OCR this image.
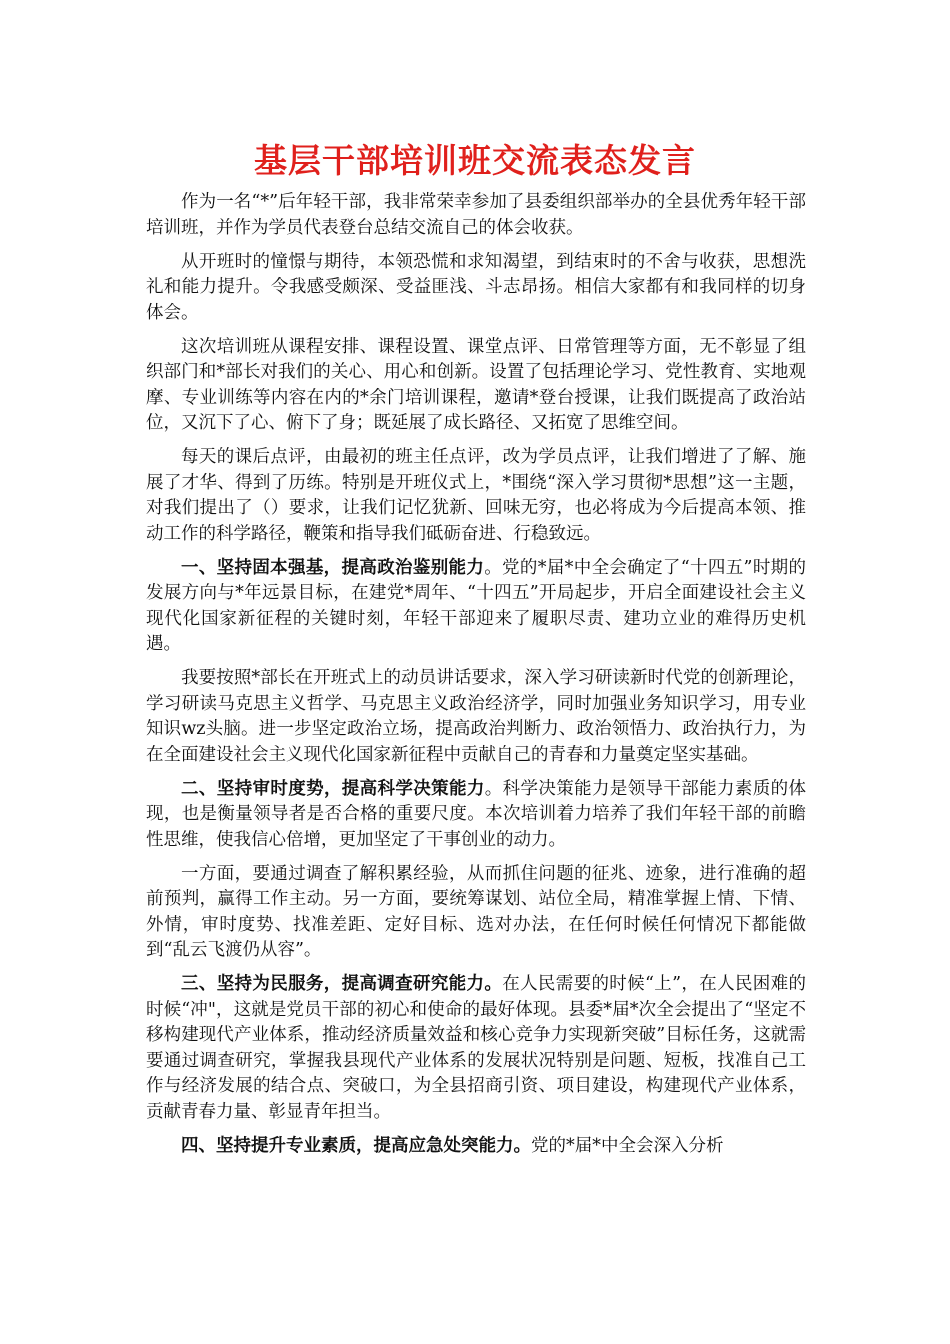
基层干部培训班交流表态发言

作为一名“*”后年轻干部，我非常荣幸参加了县委组织部举办的全县优秀年轻干部培训班，并作为学员代表登台总结交流自己的体会收获。

从开班时的憧憬与期待，本领恐慌和求知渴望，到结束时的不舍与收获，思想洗礼和能力提升。令我感受颇深、受益匪浅、斗志昂扬。相信大家都有和我同样的切身体会。

这次培训班从课程安排、课程设置、课堂点评、日常管理等方面，无不彰显了组织部门和*部长对我们的关心、用心和创新。设置了包括理论学习、党性教育、实地观摩、专业训练等内容在内的*余门培训课程，邀请*登台授课，让我们既提高了政治站位，又沉下了心、俯下了身；既延展了成长路径、又拓宽了思维空间。

每天的课后点评，由最初的班主任点评，改为学员点评，让我们增进了了解、施展了才华、得到了历练。特别是开班仪式上，*围绕“深入学习贯彻*思想”这一主题，对我们提出了（）要求，让我们记忆犹新、回味无穷，也必将成为今后提高本领、推动工作的科学路径，鞭策和指导我们砥砺奋进、行稳致远。

一、坚持固本强基，提高政治鉴别能力。党的*届*中全会确定了“十四五”时期的发展方向与*年远景目标，在建党*周年、“十四五”开局起步，开启全面建设社会主义现代化国家新征程的关键时刻，年轻干部迎来了履职尽责、建功立业的难得历史机遇。

我要按照*部长在开班式上的动员讲话要求，深入学习研读新时代党的创新理论，学习研读马克思主义哲学、马克思主义政治经济学，同时加强业务知识学习，用专业知识wz头脑。进一步坚定政治立场，提高政治判断力、政治领悟力、政治执行力，为在全面建设社会主义现代化国家新征程中贡献自己的青春和力量奠定坚实基础。

二、坚持审时度势，提高科学决策能力。科学决策能力是领导干部能力素质的体现，也是衡量领导者是否合格的重要尺度。本次培训着力培养了我们年轻干部的前瞻性思维，使我信心倍增，更加坚定了干事创业的动力。

一方面，要通过调查了解积累经验，从而抓住问题的征兆、迹象，进行准确的超前预判，赢得工作主动。另一方面，要统筹谋划、站位全局，精准掌握上情、下情、外情，审时度势、找准差距、定好目标、选对办法，在任何时候任何情况下都能做到“乱云飞渡仍从容”。

三、坚持为民服务，提高调查研究能力。在人民需要的时候“上”，在人民困难的时候“冲"，这就是党员干部的初心和使命的最好体现。县委*届*次全会提出了“坚定不移构建现代产业体系，推动经济质量效益和核心竞争力实现新突破”目标任务，这就需要通过调查研究，掌握我县现代产业体系的发展状况特别是问题、短板，找准自己工作与经济发展的结合点、突破口，为全县招商引资、项目建设，构建现代产业体系，贡献青春力量、彰显青年担当。

四、坚持提升专业素质，提高应急处突能力。党的*届*中全会深入分析
